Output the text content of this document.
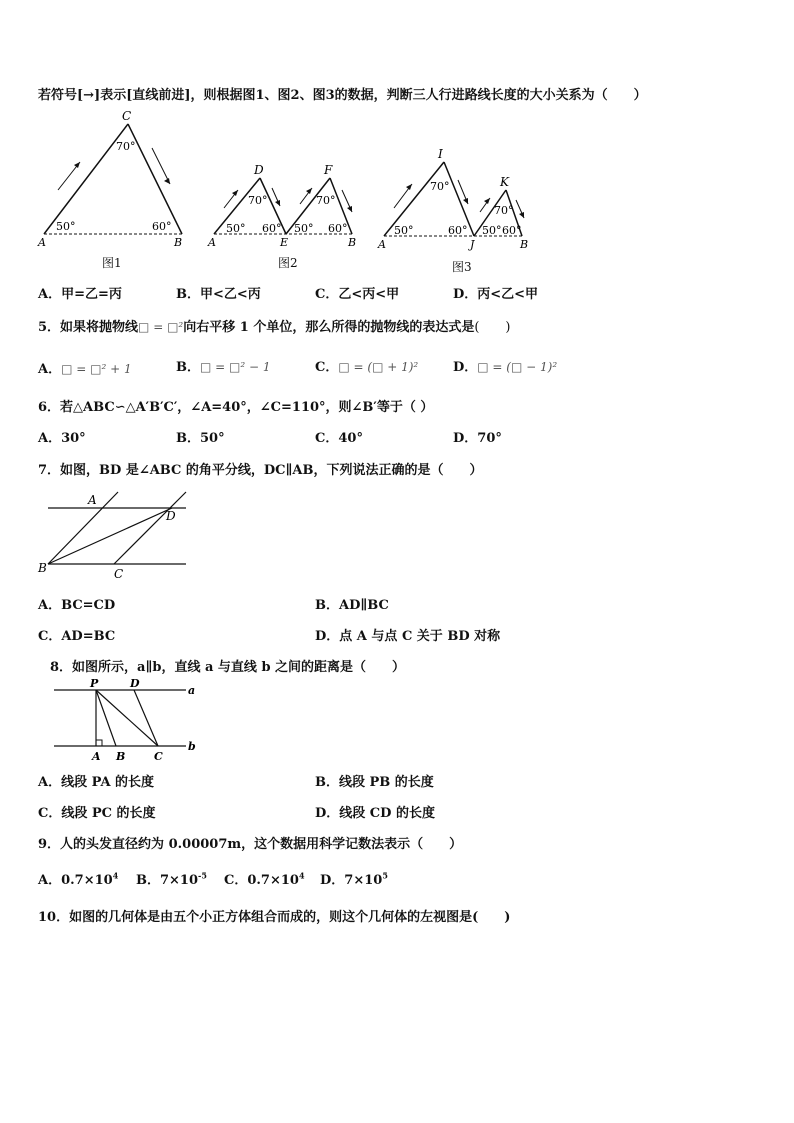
若符号[→]表示[直线前进]，则根据图1、图2、图3的数据，判断三人行进路线长度的大小关系为（　　）
C
70°
50°	60°
A	B
图1
D	F
70°	70°
50° 60° 50° 60°
A	E	B
图2
I
K
70°
70°
50°	60° 50° 60°
A	J	B
图3
A．甲=乙=丙	B．甲<乙<丙	C．乙<丙<甲	D．丙<乙<甲
5．如果将抛物线□ = □²向右平移 1 个单位，那么所得的抛物线的表达式是(　　)
A．□ = □² + 1	B．□ = □² − 1	C．□ = (□ + 1)²	D．□ = (□ − 1)²
6．若△ABC∽△A′B′C′，∠A=40°，∠C=110°，则∠B′等于（ ）
A．30°	B．50°	C．40°	D．70°
7．如图，BD 是∠ABC 的角平分线，DC∥AB，下列说法正确的是（　　）
A
D
B	C
A．BC=CD	B．AD∥BC
C．AD=BC	D．点 A 与点 C 关于 BD 对称
8．如图所示，a∥b，直线 a 与直线 b 之间的距离是（　　）
P	D
a
A B	C
b
A．线段 PA 的长度	B．线段 PB 的长度
C．线段 PC 的长度	D．线段 CD 的长度
9．人的头发直径约为 0.00007m，这个数据用科学记数法表示（　　）
A．$0.7\times 10^4$ B．$7\times 10^{-5}$ C．$0.7\times 10^4$ D．$7\times 10^5$
10．如图的几何体是由五个小正方体组合而成的，则这个几何体的左视图是(　　)
